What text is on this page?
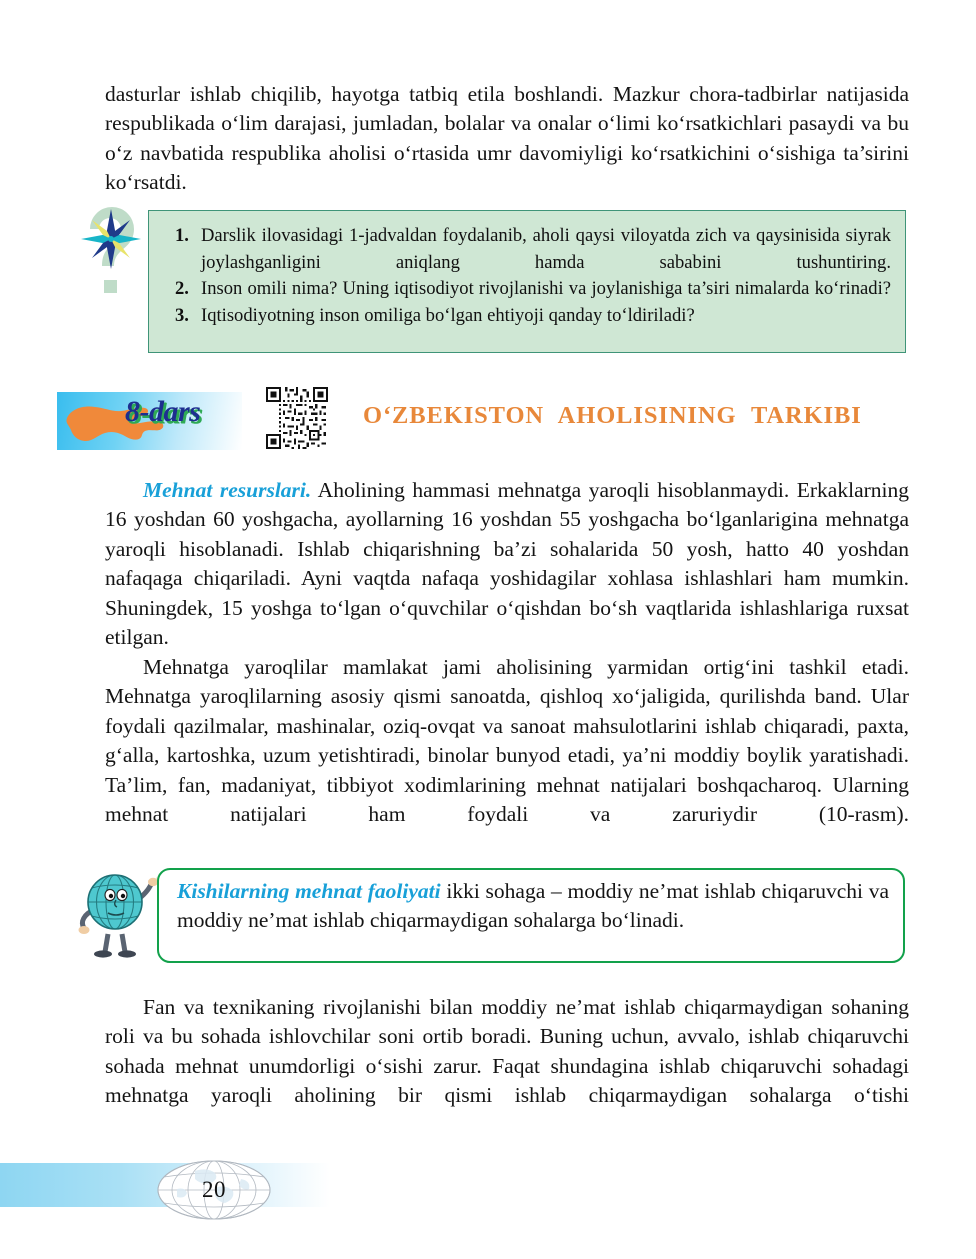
dasturlar ishlab chiqilib, hayotga tatbiq etila boshlandi. Mazkur chora-tadbirlar natijasida respublikada o‘lim darajasi, jumladan, bolalar va onalar o‘limi ko‘rsatkichlari pasaydi va bu o‘z navbatida respublika aholisi o‘rtasida umr davomiyligi ko‘rsatkichini o‘sishiga ta’sirini ko‘rsatdi.
1. Darslik ilovasidagi 1-jadvaldan foydalanib, aholi qaysi viloyatda zich va qaysinisida siyrak joylashganligini aniqlang hamda sababini tushuntiring.
2. Inson omili nima? Uning iqtisodiyot rivojlanishi va joylanishiga ta’siri nimalarda ko‘rinadi?
3. Iqtisodiyotning inson omiliga bo‘lgan ehtiyoji qanday to‘ldiriladi?
8-dars	O‘ZBEKISTON AHOLISINING TARKIBI
Mehnat resurslari. Aholining hammasi mehnatga yaroqli hisoblanmaydi. Erkaklarning 16 yoshdan 60 yoshgacha, ayollarning 16 yoshdan 55 yoshgacha bo‘lganlarigina mehnatga yaroqli hisoblanadi. Ishlab chiqarishning ba’zi sohalarida 50 yosh, hatto 40 yoshdan nafaqaga chiqariladi. Ayni vaqtda nafaqa yoshidagilar xohlasa ishlashlari ham mumkin. Shuningdek, 15 yoshga to‘lgan o‘quvchilar o‘qishdan bo‘sh vaqtlarida ishlashlariga ruxsat etilgan.
Mehnatga yaroqlilar mamlakat jami aholisining yarmidan ortig‘ini tashkil etadi. Mehnatga yaroqlilarning asosiy qismi sanoatda, qishloq xo‘jaligida, qurilishda band. Ular foydali qazilmalar, mashinalar, oziq-ovqat va sanoat mahsulotlarini ishlab chiqaradi, paxta, g‘alla, kartoshka, uzum yetishtiradi, binolar bunyod etadi, ya’ni moddiy boylik yaratishadi. Ta’lim, fan, madaniyat, tibbiyot xodimlarining mehnat natijalari boshqacharoq. Ularning mehnat natijalari ham foydali va zaruriydir (10-rasm).
Kishilarning mehnat faoliyati ikki sohaga – moddiy ne’mat ishlab chiqaruvchi va moddiy ne’mat ishlab chiqarmaydigan sohalarga bo‘linadi.
Fan va texnikaning rivojlanishi bilan moddiy ne’mat ishlab chiqarmaydigan sohaning roli va bu sohada ishlovchilar soni ortib boradi. Buning uchun, avvalo, ishlab chiqaruvchi sohada mehnat unumdorligi o‘sishi zarur. Faqat shundagina ishlab chiqaruvchi sohadagi mehnatga yaroqli aholining bir qismi ishlab chiqarmaydigan sohalarga o‘tishi
20
